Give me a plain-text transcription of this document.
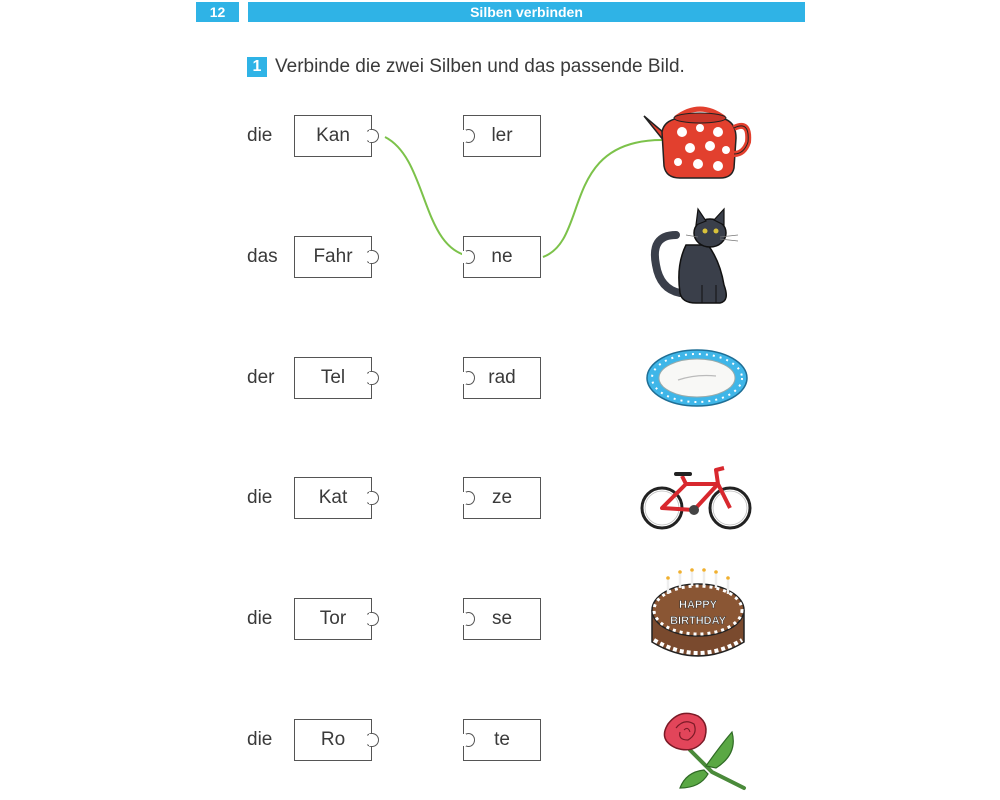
12	Silben verbinden
1 Verbinde die zwei Silben und das passende Bild.
die	Kan	ler
das	Fahr	ne
der	Tel	rad
die	Kat	ze
die	Tor	se
die	Ro	te
HAPPY
BIRTHDAY
